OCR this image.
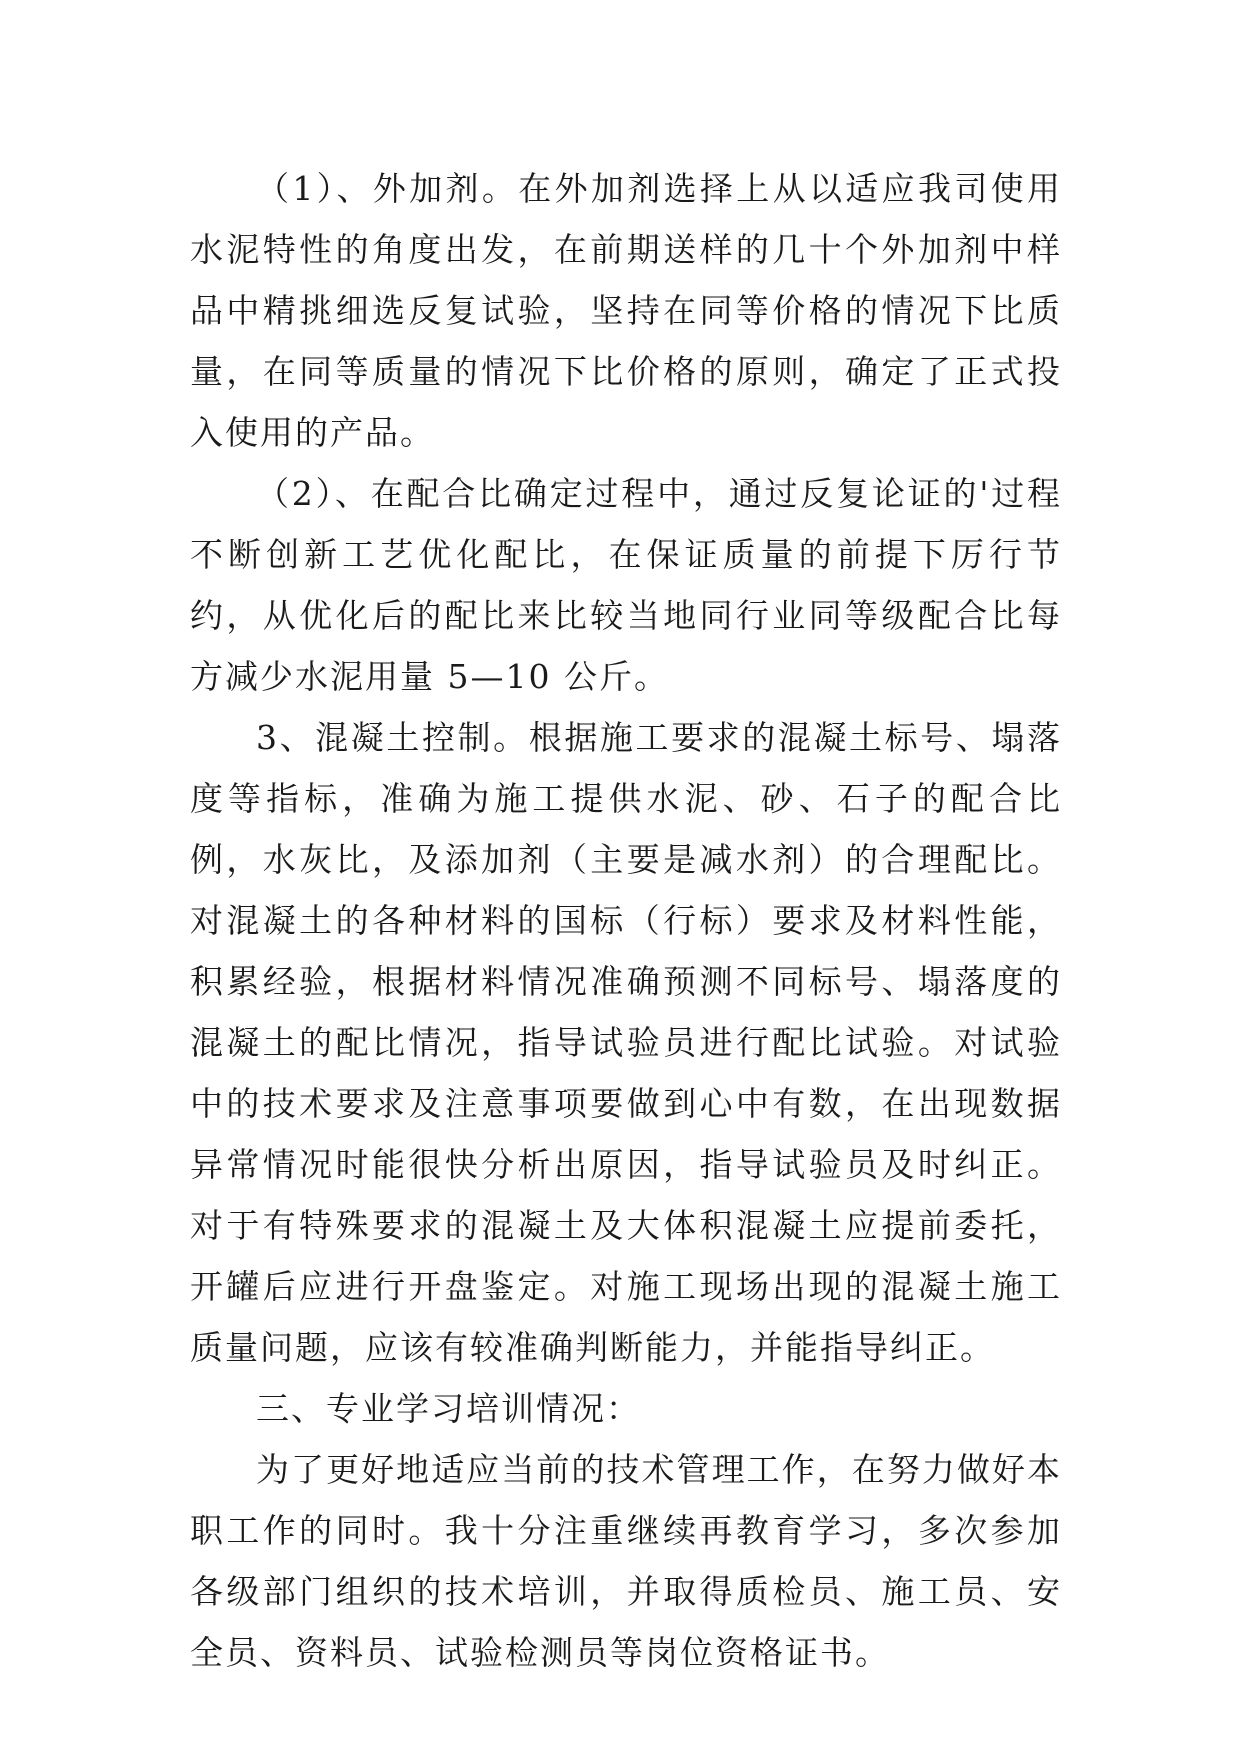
（1）、外加剂。在外加剂选择上从以适应我司使用水泥特性的角度出发，在前期送样的几十个外加剂中样品中精挑细选反复试验，坚持在同等价格的情况下比质量，在同等质量的情况下比价格的原则，确定了正式投入使用的产品。

（2）、在配合比确定过程中，通过反复论证的'过程不断创新工艺优化配比，在保证质量的前提下厉行节约，从优化后的配比来比较当地同行业同等级配合比每方减少水泥用量 5—10 公斤。

3、混凝土控制。根据施工要求的混凝土标号、塌落度等指标，准确为施工提供水泥、砂、石子的配合比例，水灰比，及添加剂（主要是减水剂）的合理配比。对混凝土的各种材料的国标（行标）要求及材料性能，积累经验，根据材料情况准确预测不同标号、塌落度的混凝土的配比情况，指导试验员进行配比试验。对试验中的技术要求及注意事项要做到心中有数，在出现数据异常情况时能很快分析出原因，指导试验员及时纠正。对于有特殊要求的混凝土及大体积混凝土应提前委托，开罐后应进行开盘鉴定。对施工现场出现的混凝土施工质量问题，应该有较准确判断能力，并能指导纠正。

三、专业学习培训情况：

为了更好地适应当前的技术管理工作，在努力做好本职工作的同时。我十分注重继续再教育学习，多次参加各级部门组织的技术培训，并取得质检员、施工员、安全员、资料员、试验检测员等岗位资格证书。
